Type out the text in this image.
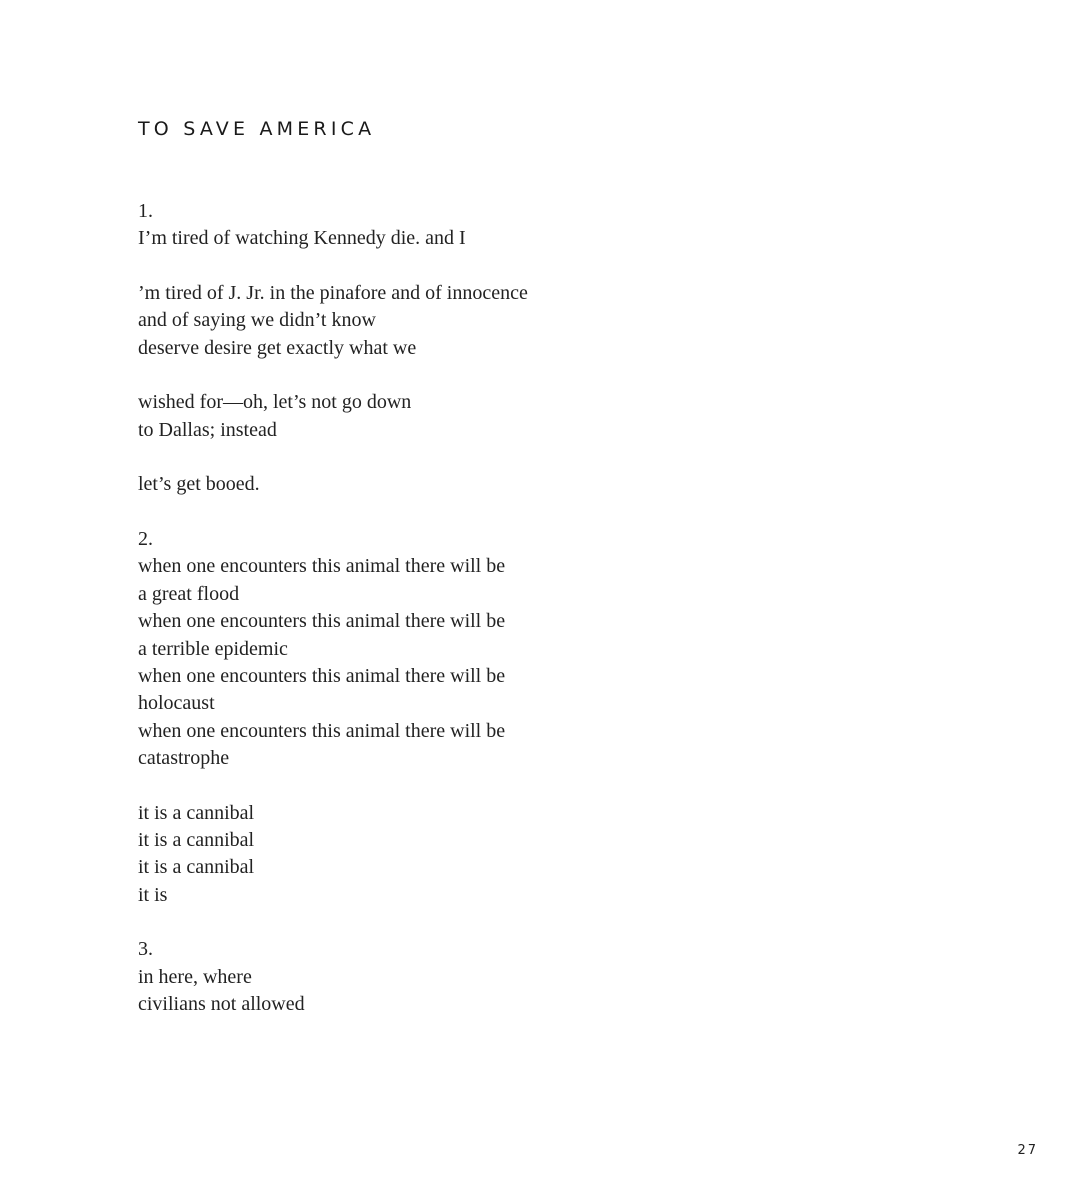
TO SAVE AMERICA
1.
I’m tired of watching Kennedy die. and I
’m tired of J. Jr. in the pinafore and of innocence
and of saying we didn’t know
deserve desire get exactly what we
wished for—oh, let’s not go down
to Dallas; instead
let’s get booed.
2.
when one encounters this animal there will be
a great flood
when one encounters this animal there will be
a terrible epidemic
when one encounters this animal there will be
holocaust
when one encounters this animal there will be
catastrophe
it is a cannibal
it is a cannibal
it is a cannibal
it is
3.
in here, where
civilians not allowed
27
